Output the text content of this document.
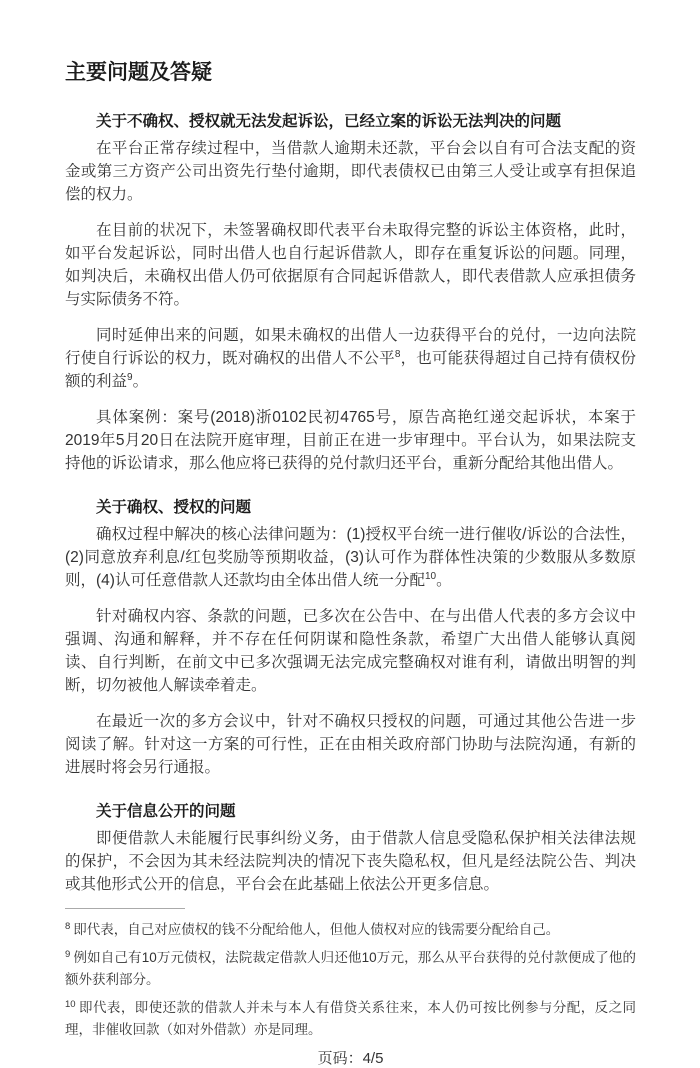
主要问题及答疑
关于不确权、授权就无法发起诉讼，已经立案的诉讼无法判决的问题

在平台正常存续过程中，当借款人逾期未还款，平台会以自有可合法支配的资金或第三方资产公司出资先行垫付逾期，即代表债权已由第三人受让或享有担保追偿的权力。

在目前的状况下，未签署确权即代表平台未取得完整的诉讼主体资格，此时，如平台发起诉讼，同时出借人也自行起诉借款人，即存在重复诉讼的问题。同理，如判决后，未确权出借人仍可依据原有合同起诉借款人，即代表借款人应承担债务与实际债务不符。

同时延伸出来的问题，如果未确权的出借人一边获得平台的兑付，一边向法院行使自行诉讼的权力，既对确权的出借人不公平$^8$，也可能获得超过自己持有债权份额的利益$^9$。

具体案例：案号(2018)浙0102民初4765号，原告高艳红递交起诉状，本案于2019年5月20日在法院开庭审理，目前正在进一步审理中。平台认为，如果法院支持他的诉讼请求，那么他应将已获得的兑付款归还平台，重新分配给其他出借人。

关于确权、授权的问题

确权过程中解决的核心法律问题为：(1)授权平台统一进行催收/诉讼的合法性，(2)同意放弃利息/红包奖励等预期收益，(3)认可作为群体性决策的少数服从多数原则，(4)认可任意借款人还款均由全体出借人统一分配$^{10}$。

针对确权内容、条款的问题，已多次在公告中、在与出借人代表的多方会议中强调、沟通和解释，并不存在任何阴谋和隐性条款，希望广大出借人能够认真阅读、自行判断，在前文中已多次强调无法完成完整确权对谁有利，请做出明智的判断，切勿被他人解读牵着走。

在最近一次的多方会议中，针对不确权只授权的问题，可通过其他公告进一步阅读了解。针对这一方案的可行性，正在由相关政府部门协助与法院沟通，有新的进展时将会另行通报。

关于信息公开的问题

即便借款人未能履行民事纠纷义务，由于借款人信息受隐私保护相关法律法规的保护，不会因为其未经法院判决的情况下丧失隐私权，但凡是经法院公告、判决或其他形式公开的信息，平台会在此基础上依法公开更多信息。

$^8$ 即代表，自己对应债权的钱不分配给他人，但他人债权对应的钱需要分配给自己。

$^9$ 例如自己有10万元债权，法院裁定借款人归还他10万元，那么从平台获得的兑付款便成了他的额外获利部分。

$^{10}$ 即代表，即使还款的借款人并未与本人有借贷关系往来，本人仍可按比例参与分配，反之同理，非催收回款（如对外借款）亦是同理。

页码：4/5
